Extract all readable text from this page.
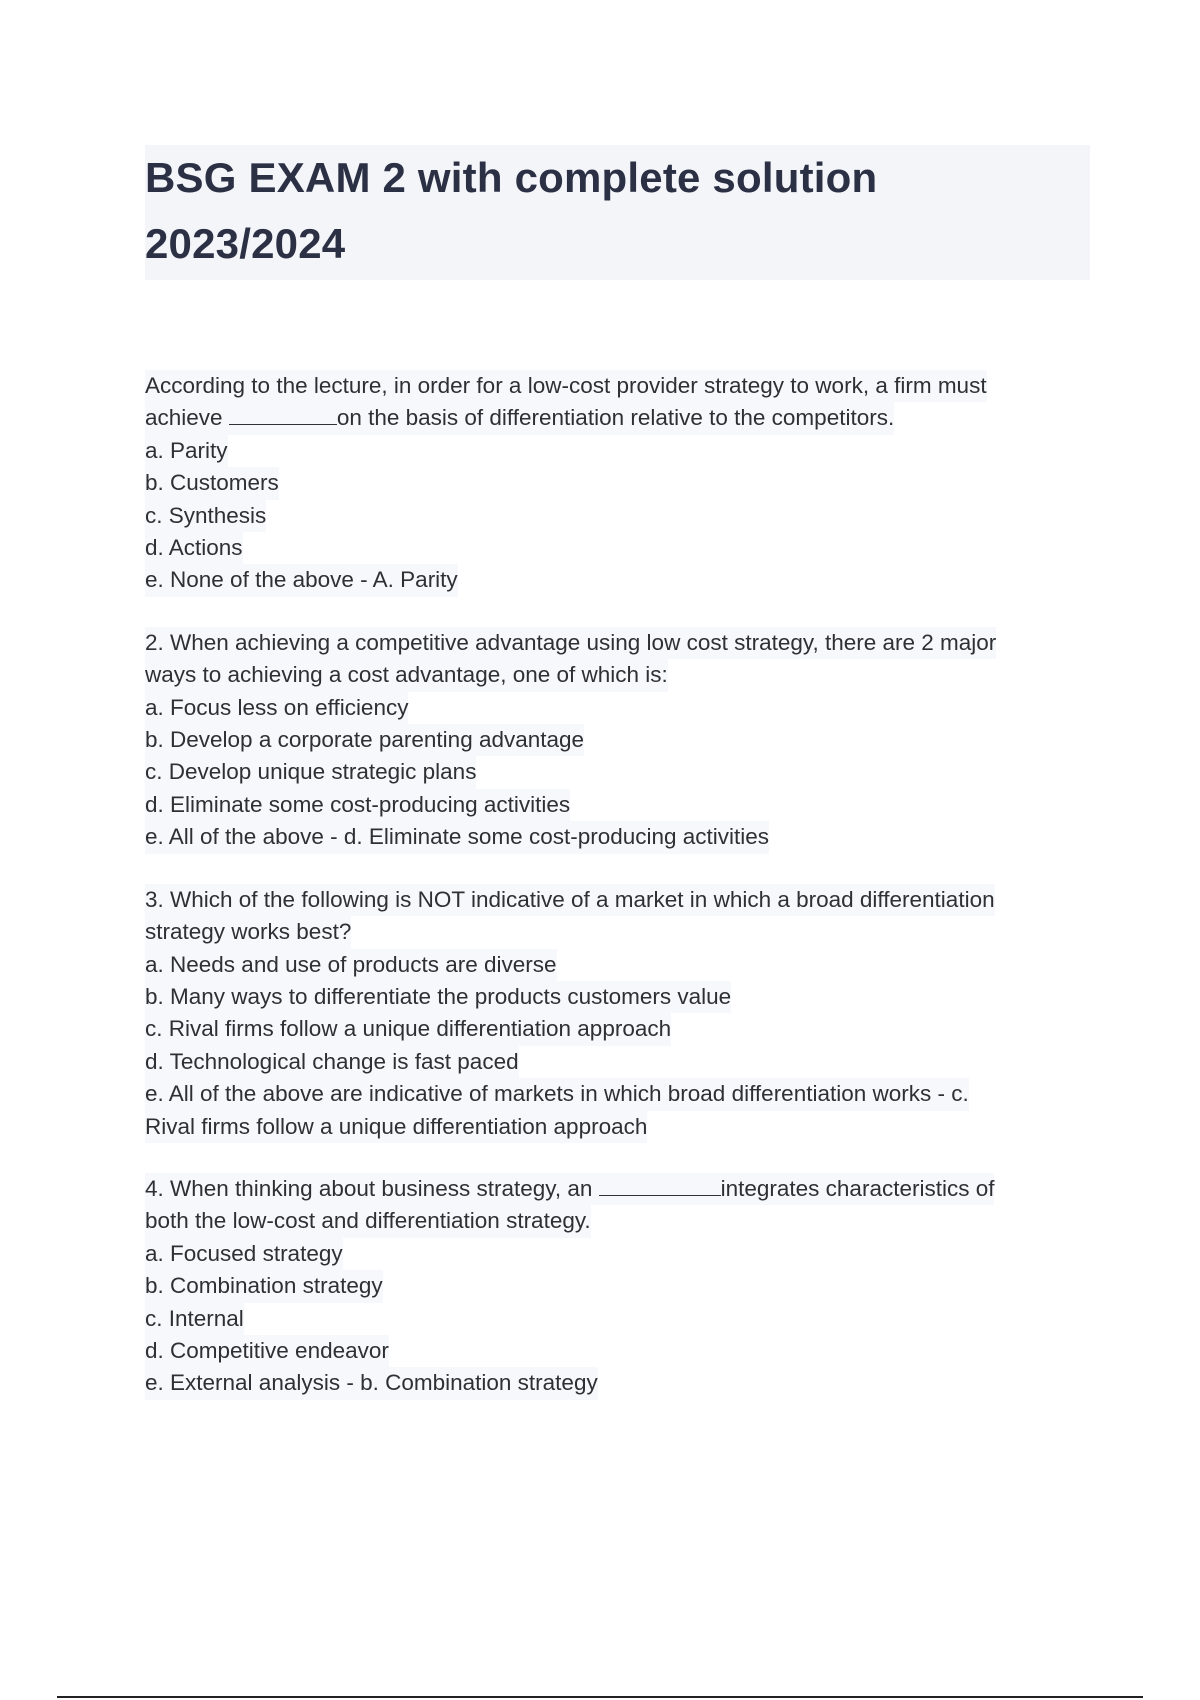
BSG EXAM 2 with complete solution
2023/2024
According to the lecture, in order for a low-cost provider strategy to work, a firm must
achieve	on the basis of differentiation relative to the competitors.
a. Parity
b. Customers
c. Synthesis
d. Actions
e. None of the above - A. Parity
2. When achieving a competitive advantage using low cost strategy, there are 2 major
ways to achieving a cost advantage, one of which is:
a. Focus less on efficiency
b. Develop a corporate parenting advantage
c. Develop unique strategic plans
d. Eliminate some cost-producing activities
e. All of the above - d. Eliminate some cost-producing activities
3. Which of the following is NOT indicative of a market in which a broad differentiation
strategy works best?
a. Needs and use of products are diverse
b. Many ways to differentiate the products customers value
c. Rival firms follow a unique differentiation approach
d. Technological change is fast paced
e. All of the above are indicative of markets in which broad differentiation works - c.
Rival firms follow a unique differentiation approach
4. When thinking about business strategy, an	integrates characteristics of
both the low-cost and differentiation strategy.
a. Focused strategy
b. Combination strategy
c. Internal
d. Competitive endeavor
e. External analysis - b. Combination strategy
